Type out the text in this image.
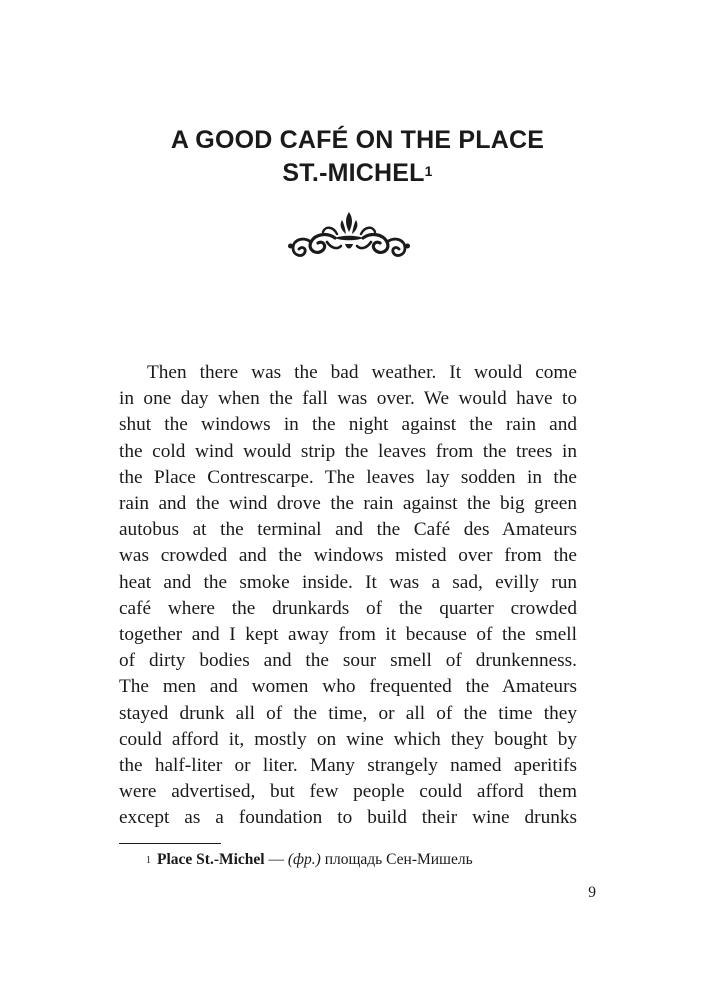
A GOOD CAFÉ ON THE PLACE
ST.-MICHEL$^1$
Then there was the bad weather. It would come
in one day when the fall was over. We would have to
shut the windows in the night against the rain and
the cold wind would strip the leaves from the trees in
the Place Contrescarpe. The leaves lay sodden in the
rain and the wind drove the rain against the big green
autobus at the terminal and the Café des Amateurs
was crowded and the windows misted over from the
heat and the smoke inside. It was a sad, evilly run
café where the drunkards of the quarter crowded
together and I kept away from it because of the smell
of dirty bodies and the sour smell of drunkenness.
The men and women who frequented the Amateurs
stayed drunk all of the time, or all of the time they
could afford it, mostly on wine which they bought by
the half-liter or liter. Many strangely named aperitifs
were advertised, but few people could afford them
except as a foundation to build their wine drunks
$^1$ Place St.-Michel — (фр.) площадь Сен-Мишель
9
